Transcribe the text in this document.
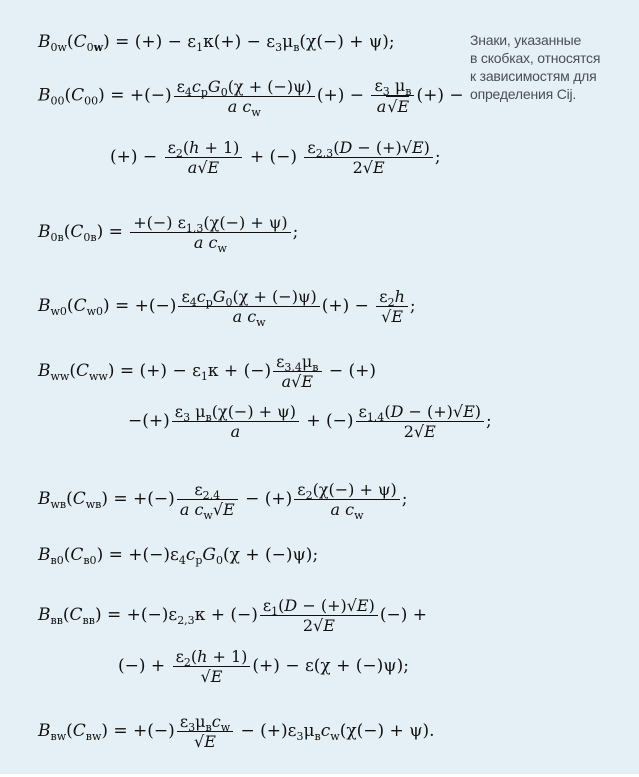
Знаки, указанные
в скобках, относятся
к зависимостям для
определения Cij.
$B_{0w}(C_{0w})$ = (+) − $\varepsilon_1\kappa(+) - \varepsilon_3\mu_в(\chi(-) + \psi)$;
$B_{00}(C_{00})$ = +(−) $\frac{\varepsilon_4c_pG_0(\chi + (-)\psi)}{a c_w}$ (+) − $\frac{\varepsilon_3 \mu_в}{a√E}$ (+) −
(+) − $\frac{\varepsilon_2(h + 1)}{a√E}$ + (−) $\frac{\varepsilon_{2,3}(D - (+)√E)}{2√E}$ ;
$B_{0в}(C_{0в}) = \frac{+(-) \varepsilon_{1,3}(\chi(-) + \psi)}{a c_w}$ ;
$B_{w0}(C_{w0})$ = +(−) $\frac{\varepsilon_4c_pG_0(\chi + (-)\psi)}{a c_w}$ (+) − $\frac{\varepsilon_2h}{√E}$ ;
$B_{ww}(C_{ww})$ = (+) − $\varepsilon_1\kappa$ + (−) $\frac{\varepsilon_{3,4}\mu_в}{a√E}$ − (+)
−(+) $\frac{\varepsilon_3 \mu_в(\chi(-) + \psi)}{a}$ + (−) $\frac{\varepsilon_{1,4}(D - (+)√E)}{2√E}$ ;
$B_{wв}(C_{wв})$ = +(−) $\frac{\varepsilon_{2,4}}{a c_w√E}$ − (+) $\frac{\varepsilon_2(\chi(-) + \psi)}{a c_w}$ ;
$B_{в0}(C_{в0}) = +(-)\varepsilon_4c_pG_0(\chi + (-)\psi)$;
$B_{вв}(C_{вв}) = +(-)\varepsilon_{2,3}\kappa$ + (−) $\frac{\varepsilon_1(D - (+)√E)}{2√E}$ (−) +
(−) + $\frac{\varepsilon_2(h + 1)}{√E}$ (+) − ε(χ + (−)ψ);
$B_{вw}(C_{вw})$ = +(−) $\frac{\varepsilon_3\mu_вc_w}{√E} - (+)\varepsilon_3\mu_вc_w(\chi(-) + \psi)$.
